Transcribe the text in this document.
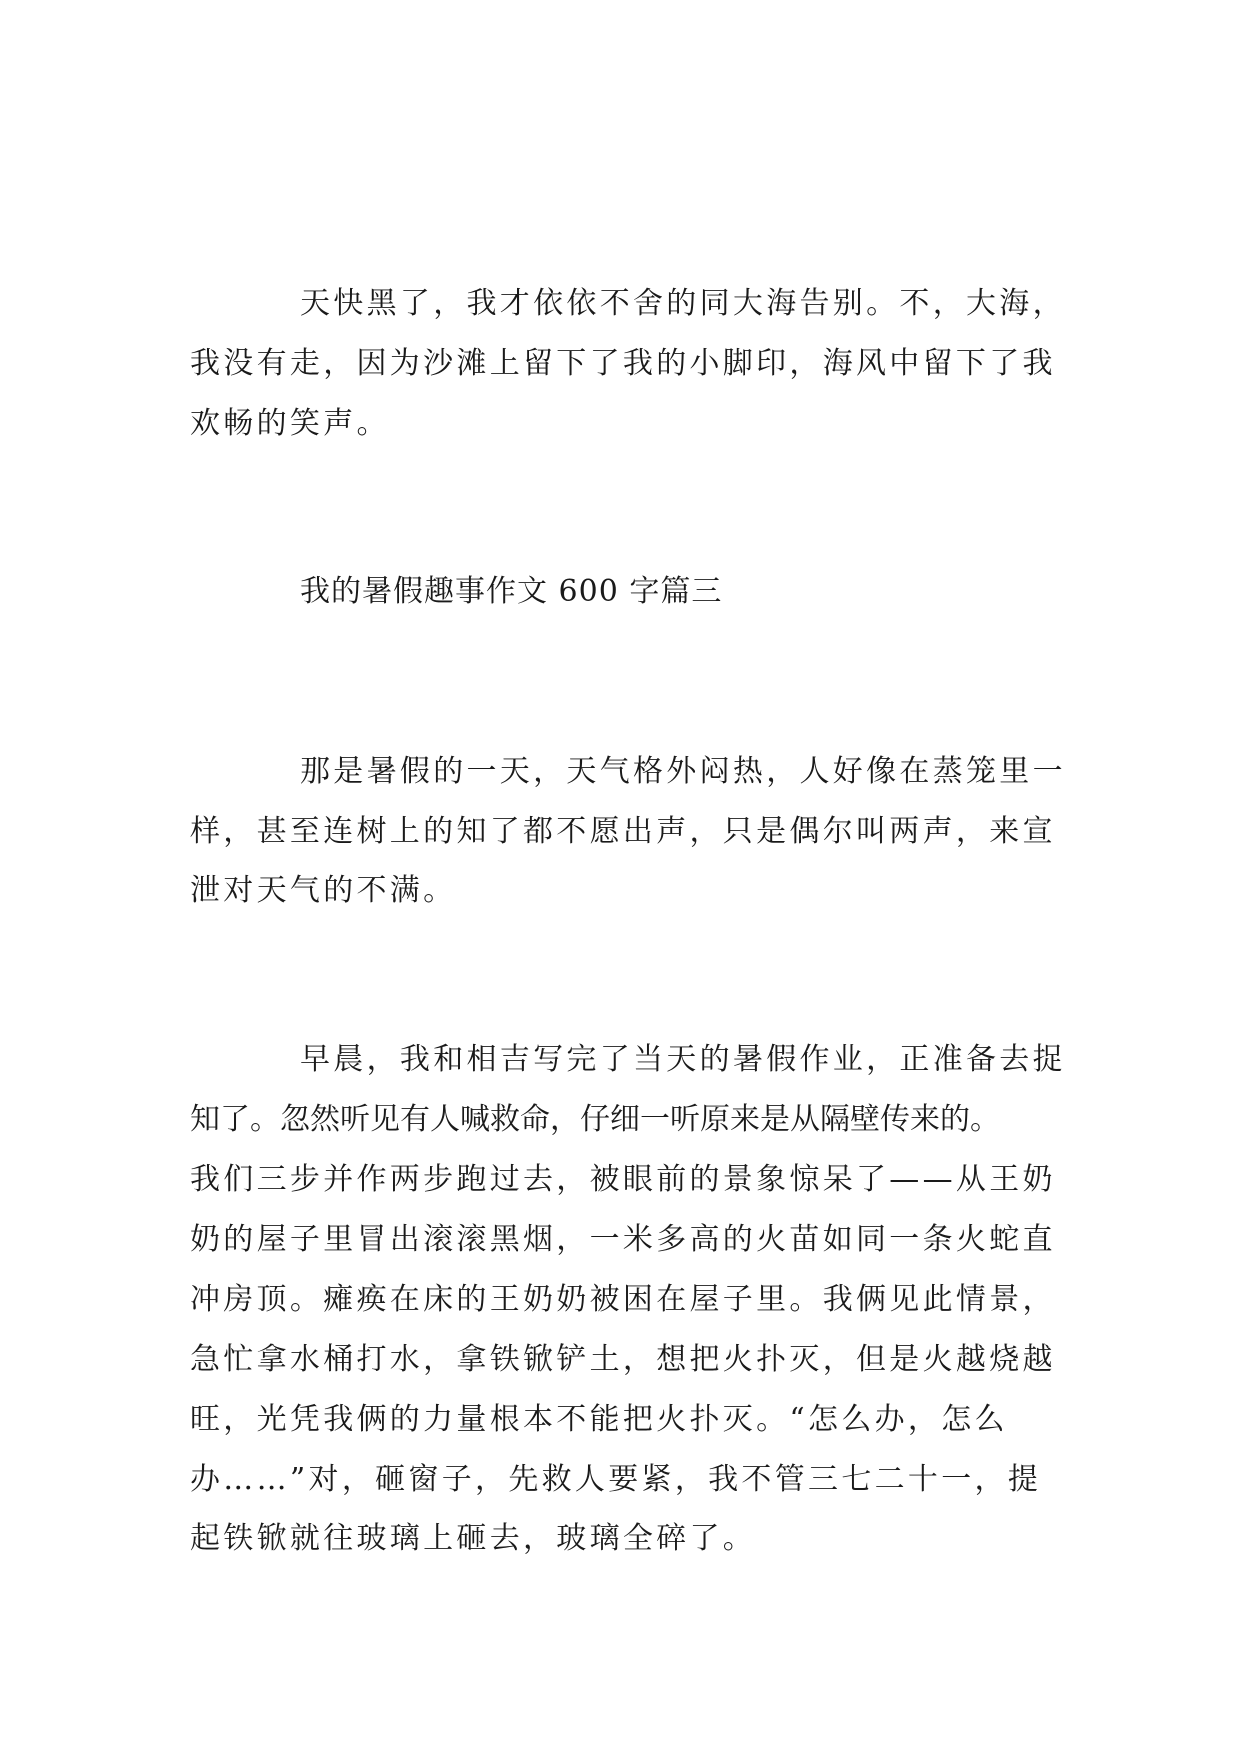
天快黑了，我才依依不舍的同大海告别。不，大海，

我没有走，因为沙滩上留下了我的小脚印，海风中留下了我

欢畅的笑声。

我的暑假趣事作文 600 字篇三

那是暑假的一天，天气格外闷热，人好像在蒸笼里一

样，甚至连树上的知了都不愿出声，只是偶尔叫两声，来宣

泄对天气的不满。

早晨，我和相吉写完了当天的暑假作业，正准备去捉

知了。忽然听见有人喊救命，仔细一听原来是从隔壁传来的。

我们三步并作两步跑过去，被眼前的景象惊呆了——从王奶

奶的屋子里冒出滚滚黑烟，一米多高的火苗如同一条火蛇直

冲房顶。瘫痪在床的王奶奶被困在屋子里。我俩见此情景，

急忙拿水桶打水，拿铁锨铲土，想把火扑灭，但是火越烧越

旺，光凭我俩的力量根本不能把火扑灭。“怎么办，怎么

办……”对，砸窗子，先救人要紧，我不管三七二十一，提

起铁锨就往玻璃上砸去，玻璃全碎了。
